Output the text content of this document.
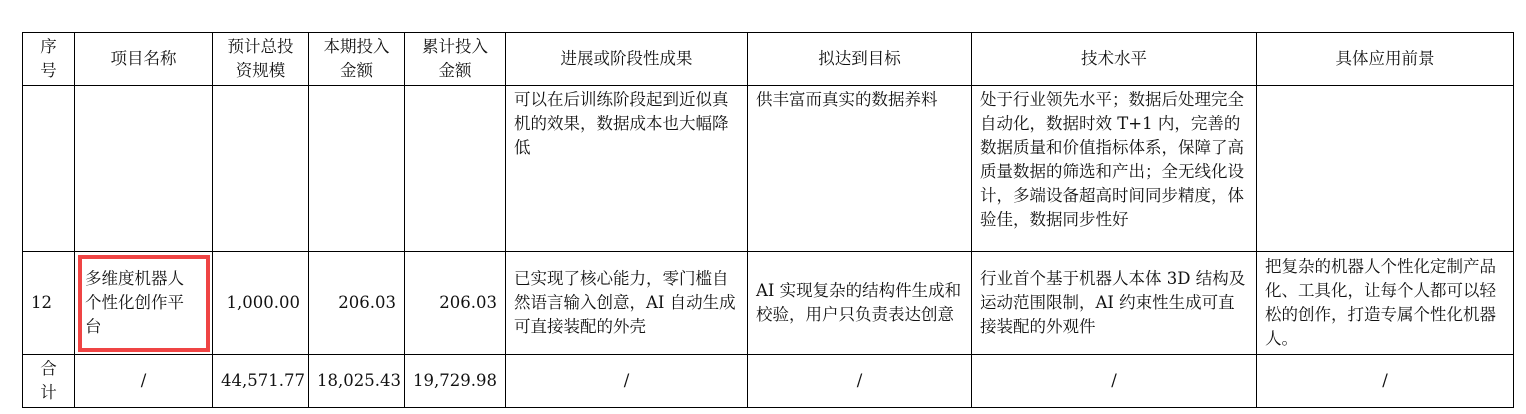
序号	项目名称	预计总投资规模	本期投入金额	累计投入金额	进展或阶段性成果	拟达到目标	技术水平	具体应用前景
					可以在后训练阶段起到近似真机的效果，数据成本也大幅降低	供丰富而真实的数据养料	处于行业领先水平；数据后处理完全自动化，数据时效 T+1 内，完善的数据质量和价值指标体系，保障了高质量数据的筛选和产出；全无线化设计，多端设备超高时间同步精度，体验佳，数据同步性好	
12	多维度机器人个性化创作平台	1,000.00	206.03	206.03	已实现了核心能力，零门槛自然语言输入创意，AI 自动生成可直接装配的外壳	AI 实现复杂的结构件生成和校验，用户只负责表达创意	行业首个基于机器人本体 3D 结构及运动范围限制，AI 约束性生成可直接装配的外观件	把复杂的机器人个性化定制产品化、工具化，让每个人都可以轻松的创作，打造专属个性化机器人。
合计	/	44,571.77	18,025.43	19,729.98	/	/	/	/
